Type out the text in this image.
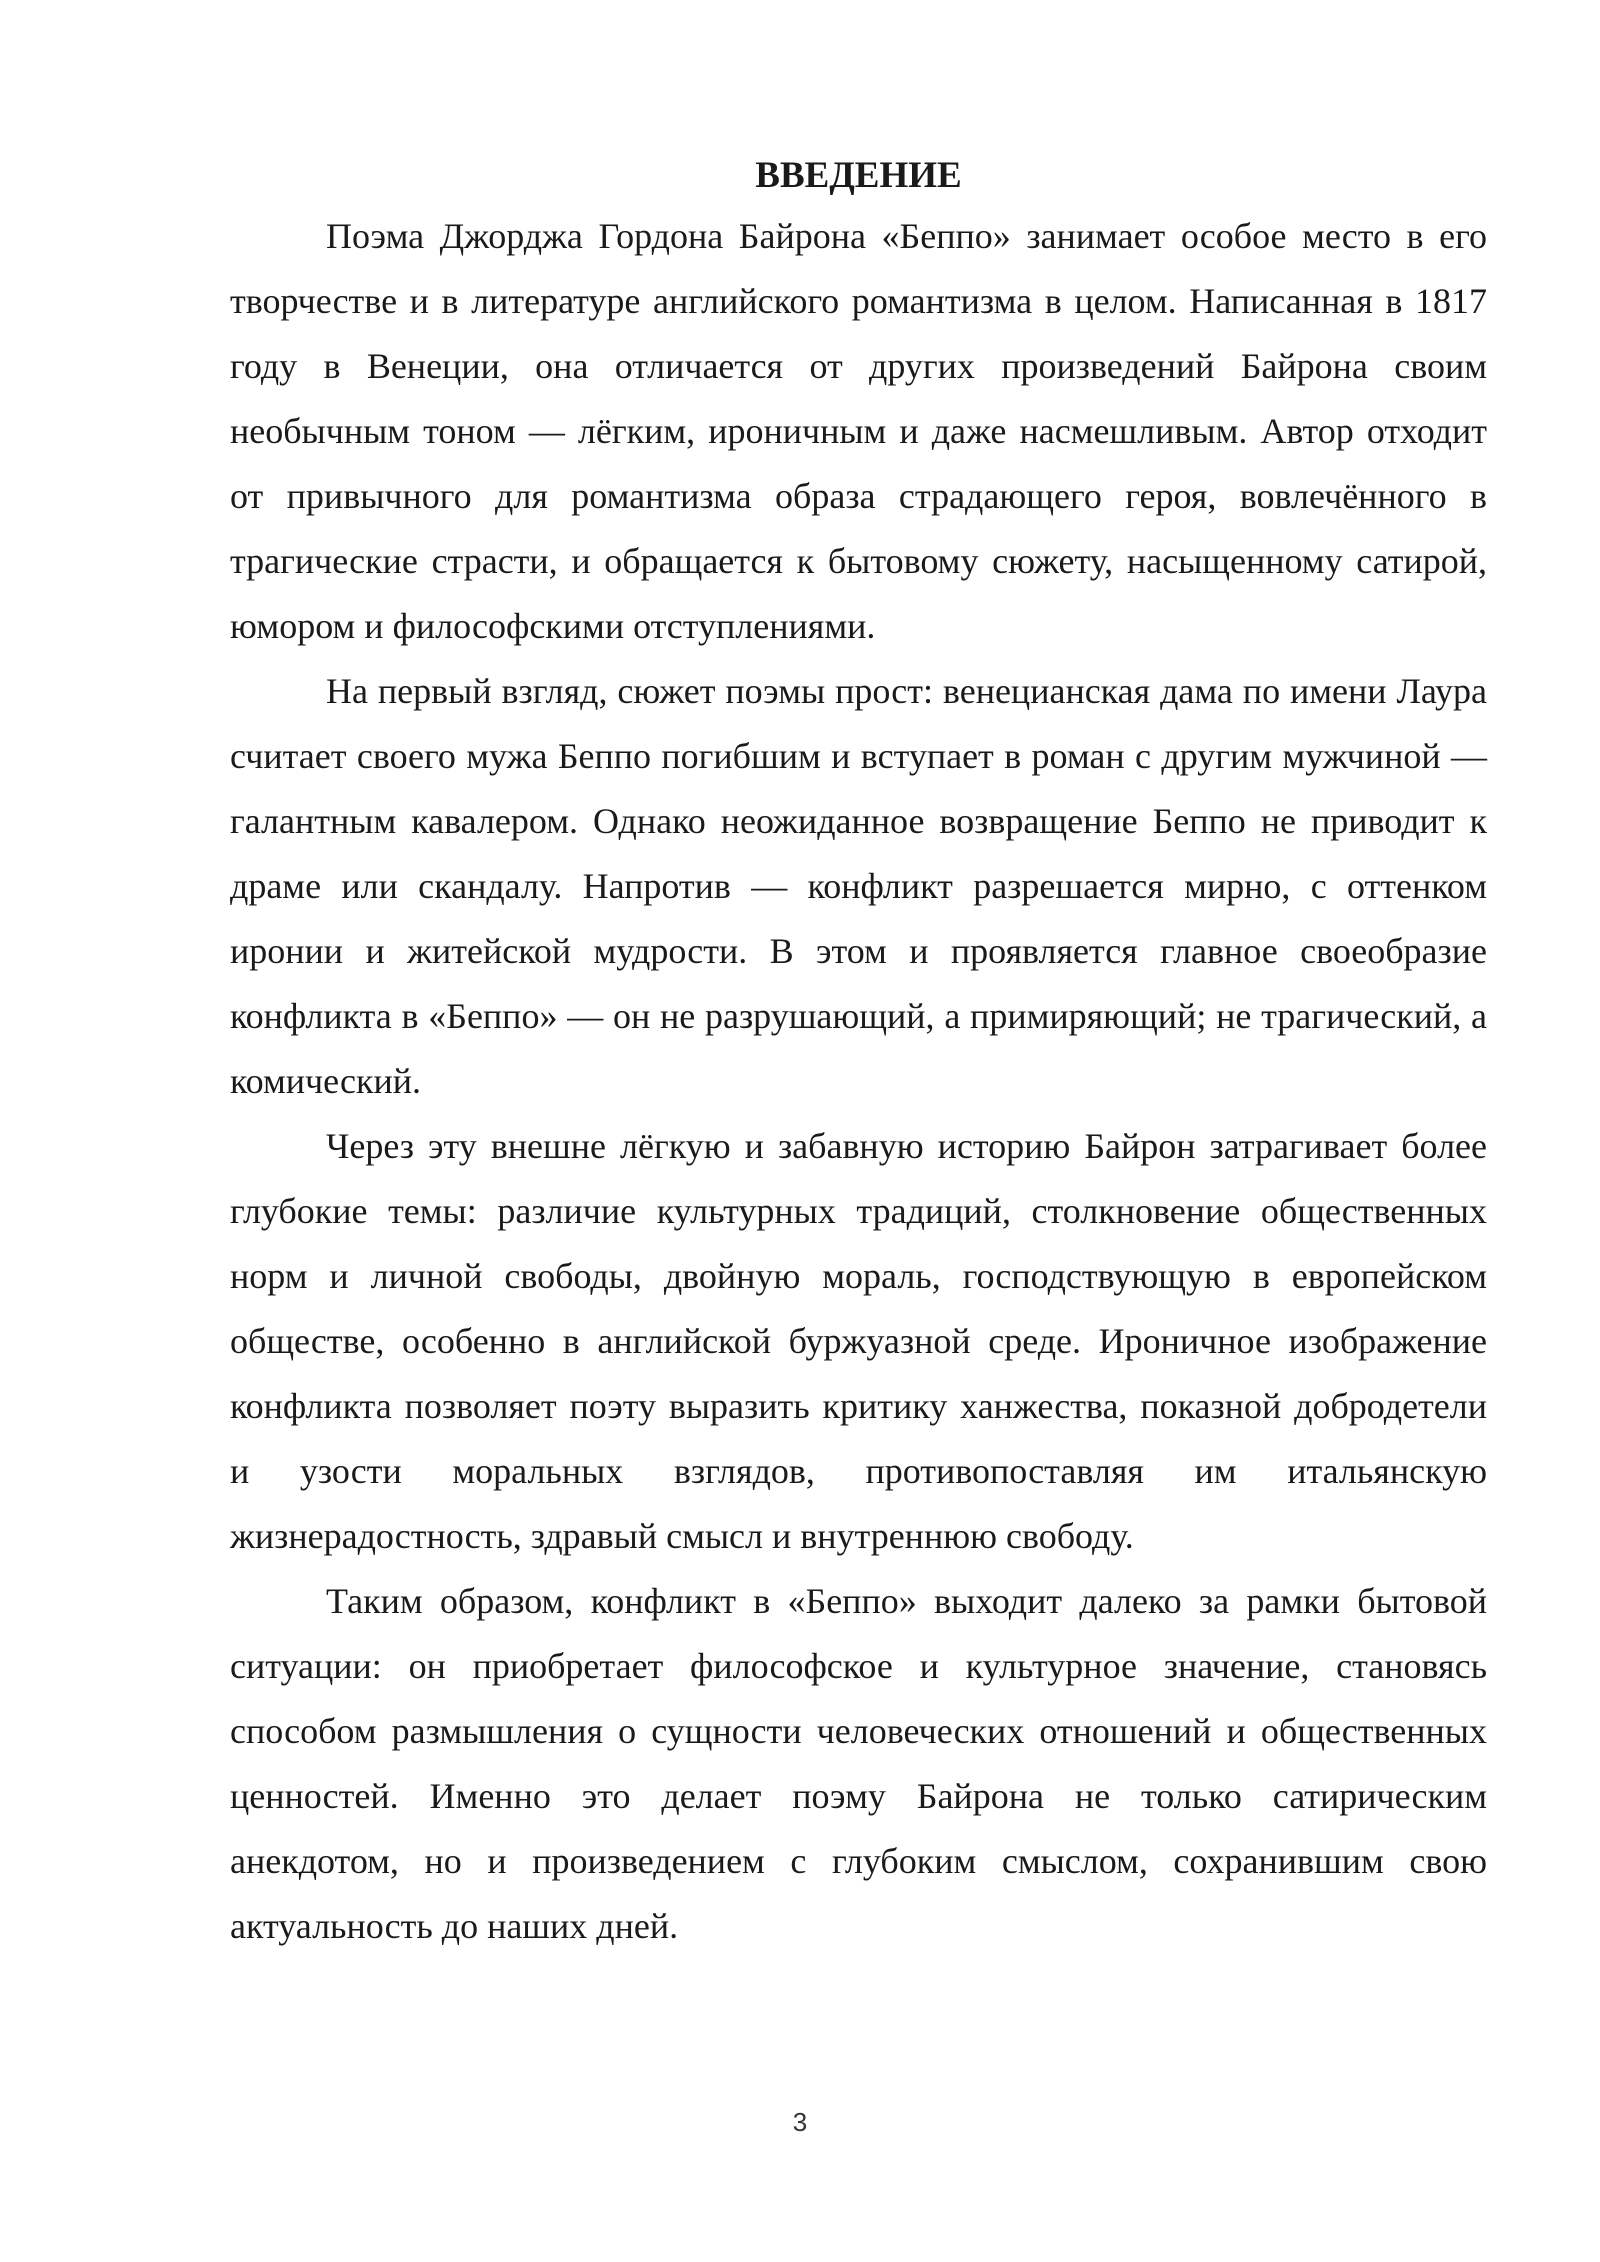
ВВЕДЕНИЕ

Поэма Джорджа Гордона Байрона «Беппо» занимает особое место в его творчестве и в литературе английского романтизма в целом. Написанная в 1817 году в Венеции, она отличается от других произведений Байрона своим необычным тоном — лёгким, ироничным и даже насмешливым. Автор отходит от привычного для романтизма образа страдающего героя, вовлечённого в трагические страсти, и обращается к бытовому сюжету, насыщенному сатирой, юмором и философскими отступлениями.

На первый взгляд, сюжет поэмы прост: венецианская дама по имени Лаура считает своего мужа Беппо погибшим и вступает в роман с другим мужчиной — галантным кавалером. Однако неожиданное возвращение Беппо не приводит к драме или скандалу. Напротив — конфликт разрешается мирно, с оттенком иронии и житейской мудрости. В этом и проявляется главное своеобразие конфликта в «Беппо» — он не разрушающий, а примиряющий; не трагический, а комический.

Через эту внешне лёгкую и забавную историю Байрон затрагивает более глубокие темы: различие культурных традиций, столкновение общественных норм и личной свободы, двойную мораль, господствующую в европейском обществе, особенно в английской буржуазной среде. Ироничное изображение конфликта позволяет поэту выразить критику ханжества, показной добродетели и узости моральных взглядов, противопоставляя им итальянскую жизнерадостность, здравый смысл и внутреннюю свободу.

Таким образом, конфликт в «Беппо» выходит далеко за рамки бытовой ситуации: он приобретает философское и культурное значение, становясь способом размышления о сущности человеческих отношений и общественных ценностей. Именно это делает поэму Байрона не только сатирическим анекдотом, но и произведением с глубоким смыслом, сохранившим свою актуальность до наших дней.

3
